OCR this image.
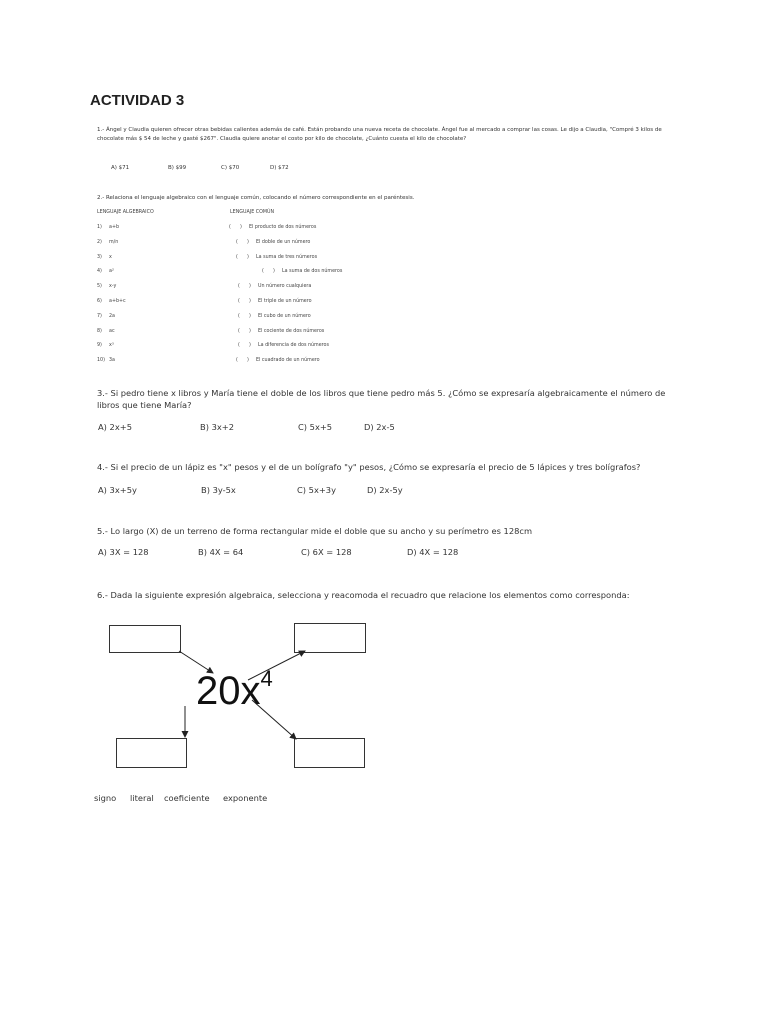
ACTIVIDAD 3
1.- Ángel y Claudia quieren ofrecer otras bebidas calientes además de café. Están probando una nueva receta de chocolate. Ángel fue al mercado a comprar las cosas. Le dijo a Claudia, "Compré 3 kilos de chocolate más $ 54 de leche y gasté $267". Claudia quiere anotar el costo por kilo de chocolate, ¿Cuánto cuesta el kilo de chocolate?
A) $71	B) $99	C) $70	D) $72
2.- Relaciona el lenguaje algebraico con el lenguaje común, colocando el número correspondiente en el paréntesis.
LENGUAJE ALGEBRAICO	LENGUAJE COMÚN
1) a+b	(      ) El producto de dos números
2) m/n	(      ) El doble de un número
3) x	(      ) La suma de tres números
4) a²	(      ) La suma de dos números
5) x-y	(      ) Un número cualquiera
6) a+b+c	(      ) El triple de un número
7) 2a	(      ) El cubo de un número
8) ac	(      ) El cociente de dos números
9) x³	(      ) La diferencia de dos números
10) 3a	(      ) El cuadrado de un número
3.- Si pedro tiene x libros y María tiene el doble de los libros que tiene pedro más 5. ¿Cómo se expresaría algebraicamente el número de libros que tiene María?
A) 2x+5	B) 3x+2	C) 5x+5	D) 2x-5
4.- Si el precio de un lápiz es "x" pesos y el de un bolígrafo "y" pesos, ¿Cómo se expresaría el precio de 5 lápices y tres bolígrafos?
A) 3x+5y	B) 3y-5x	C) 5x+3y	D) 2x-5y
5.- Lo largo (X) de un terreno de forma rectangular mide el doble que su ancho y su perímetro es 128cm
A) 3X = 128	B) 4X = 64	C) 6X = 128	D) 4X = 128
6.- Dada la siguiente expresión algebraica, selecciona y reacomoda el recuadro que relacione los elementos como corresponda:
$20x^4$
signo literal coeficiente exponente
